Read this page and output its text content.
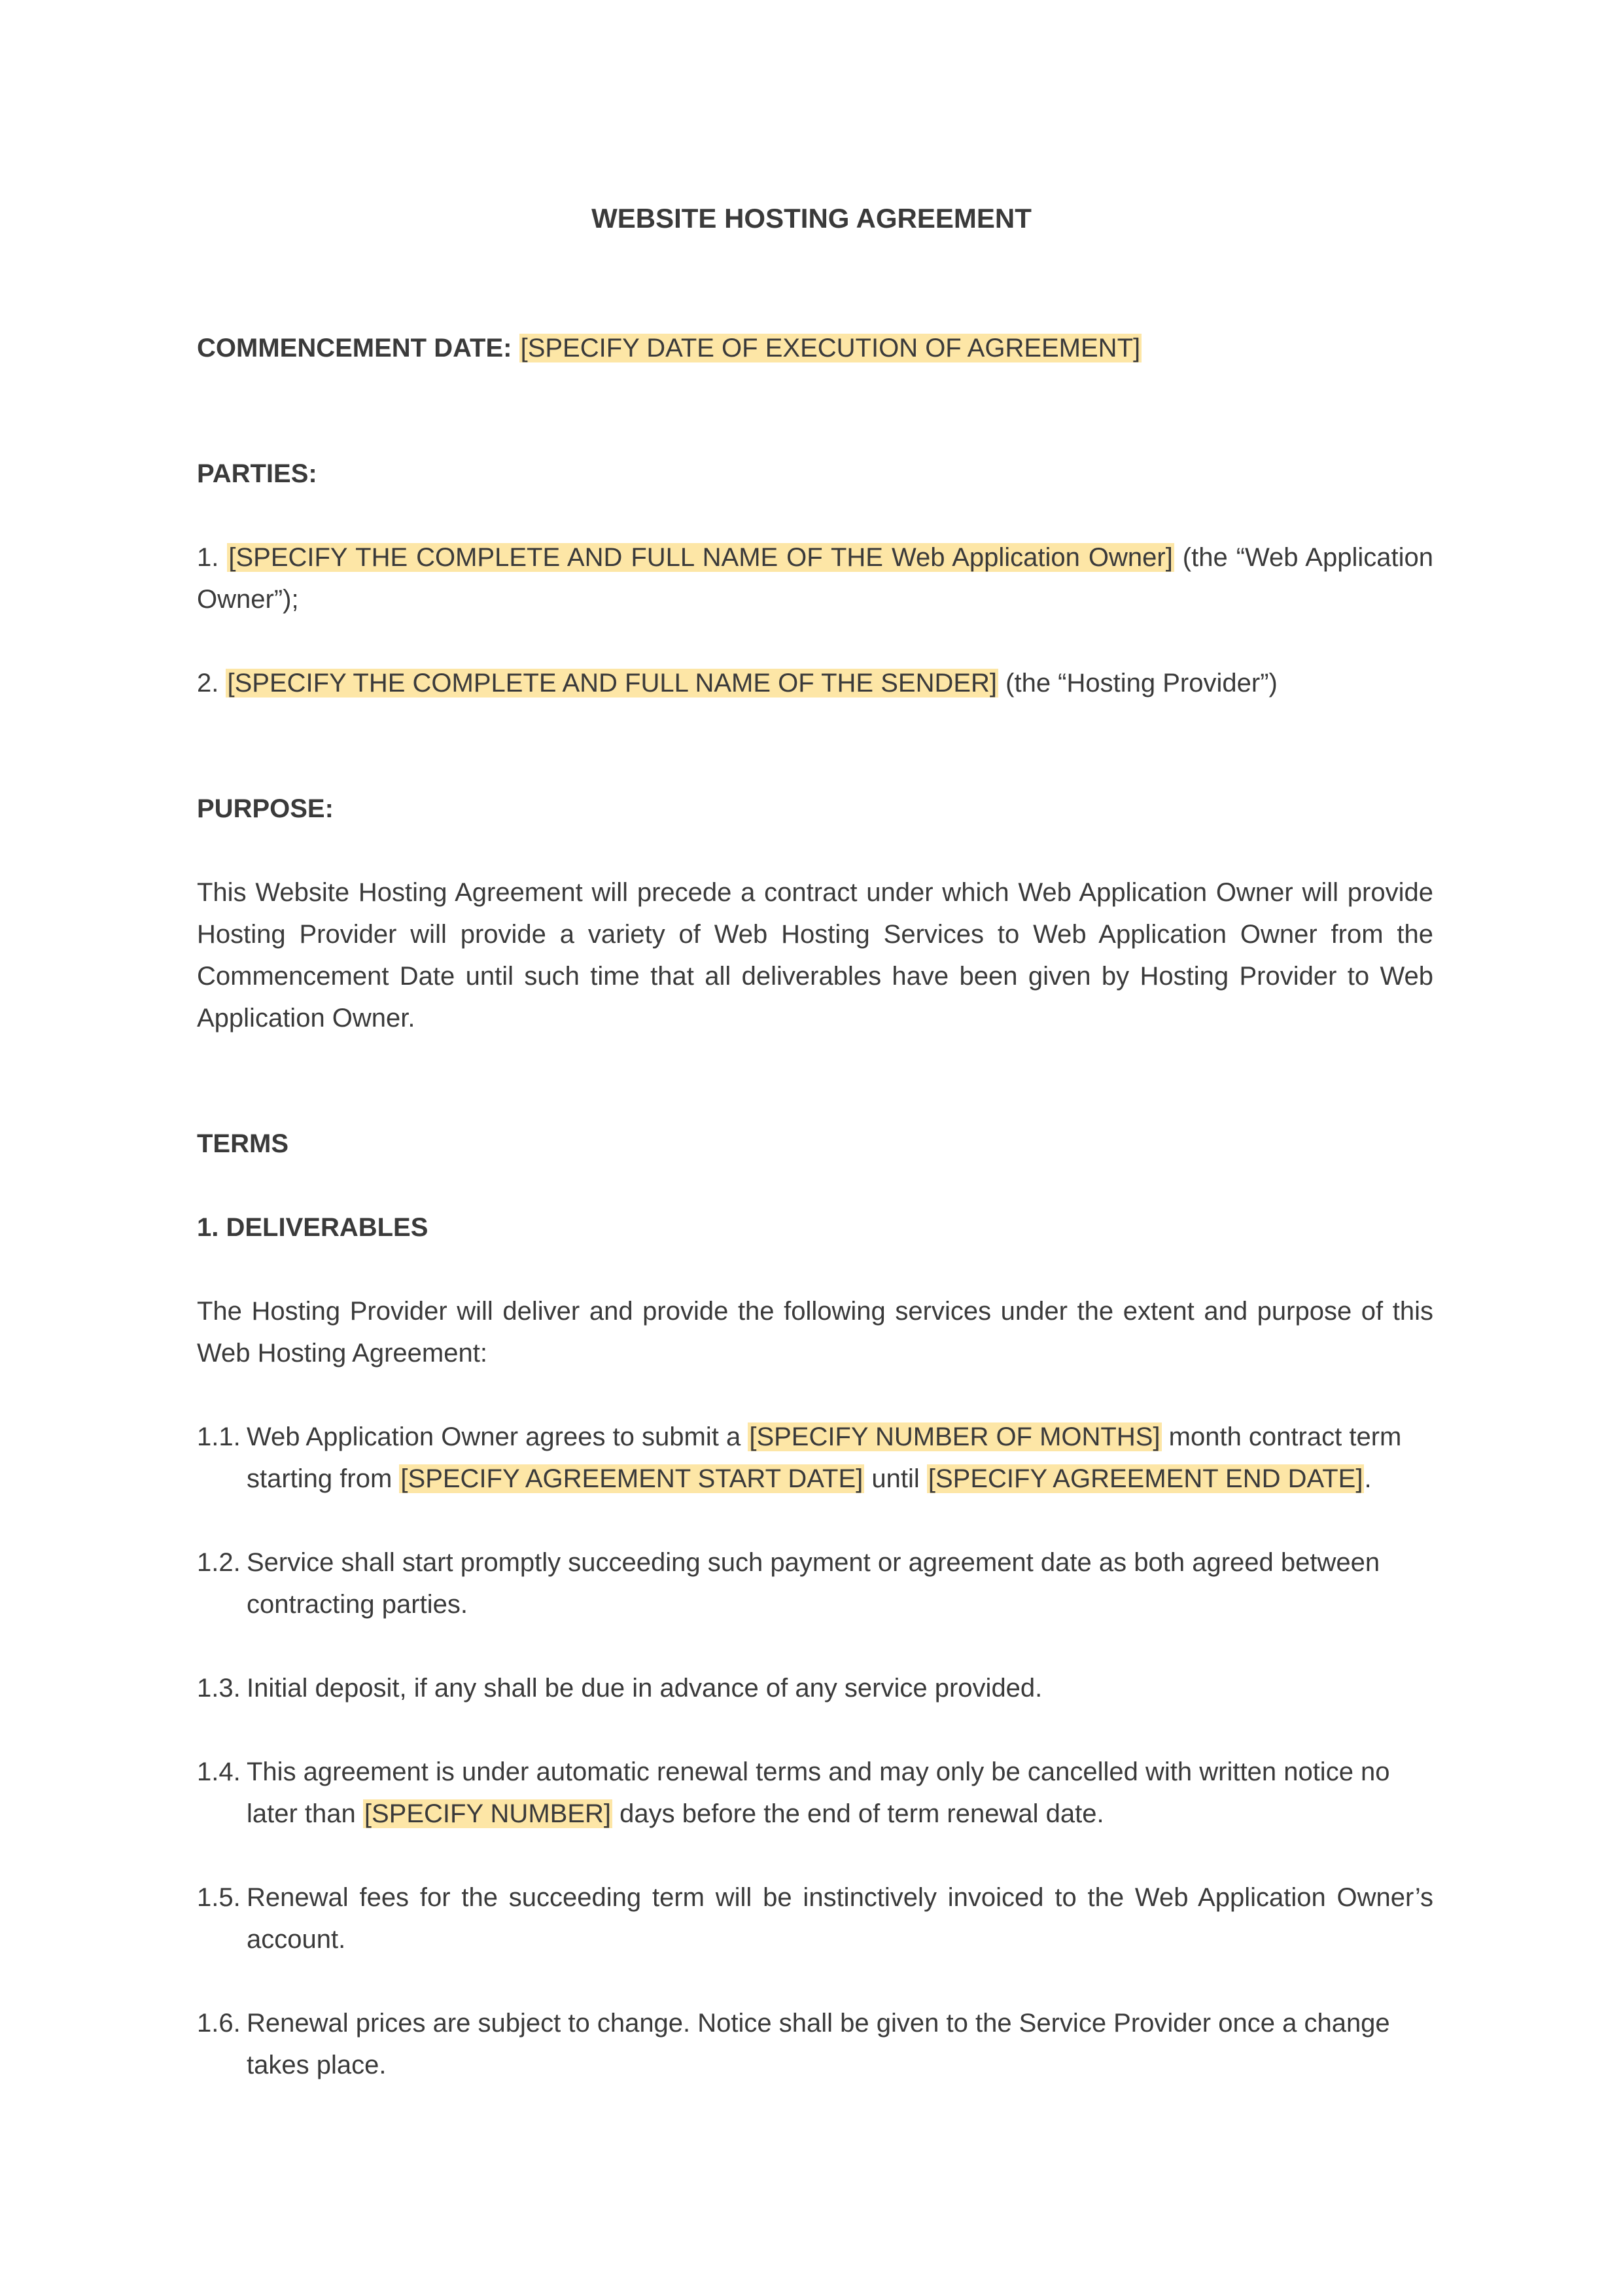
WEBSITE HOSTING AGREEMENT
COMMENCEMENT DATE: [SPECIFY DATE OF EXECUTION OF AGREEMENT]
PARTIES:
1. [SPECIFY THE COMPLETE AND FULL NAME OF THE Web Application Owner] (the “Web Application Owner”);
2. [SPECIFY THE COMPLETE AND FULL NAME OF THE SENDER] (the “Hosting Provider”)
PURPOSE:
This Website Hosting Agreement will precede a contract under which Web Application Owner will provide Hosting Provider will provide a variety of Web Hosting Services to Web Application Owner from the Commencement Date until such time that all deliverables have been given by Hosting Provider to Web Application Owner.
TERMS
1. DELIVERABLES
The Hosting Provider will deliver and provide the following services under the extent and purpose of this Web Hosting Agreement:
1.1. Web Application Owner agrees to submit a [SPECIFY NUMBER OF MONTHS] month contract term starting from [SPECIFY AGREEMENT START DATE] until [SPECIFY AGREEMENT END DATE].
1.2. Service shall start promptly succeeding such payment or agreement date as both agreed between contracting parties.
1.3. Initial deposit, if any shall be due in advance of any service provided.
1.4. This agreement is under automatic renewal terms and may only be cancelled with written notice no later than [SPECIFY NUMBER] days before the end of term renewal date.
1.5. Renewal fees for the succeeding term will be instinctively invoiced to the Web Application Owner’s account.
1.6. Renewal prices are subject to change. Notice shall be given to the Service Provider once a change takes place.
